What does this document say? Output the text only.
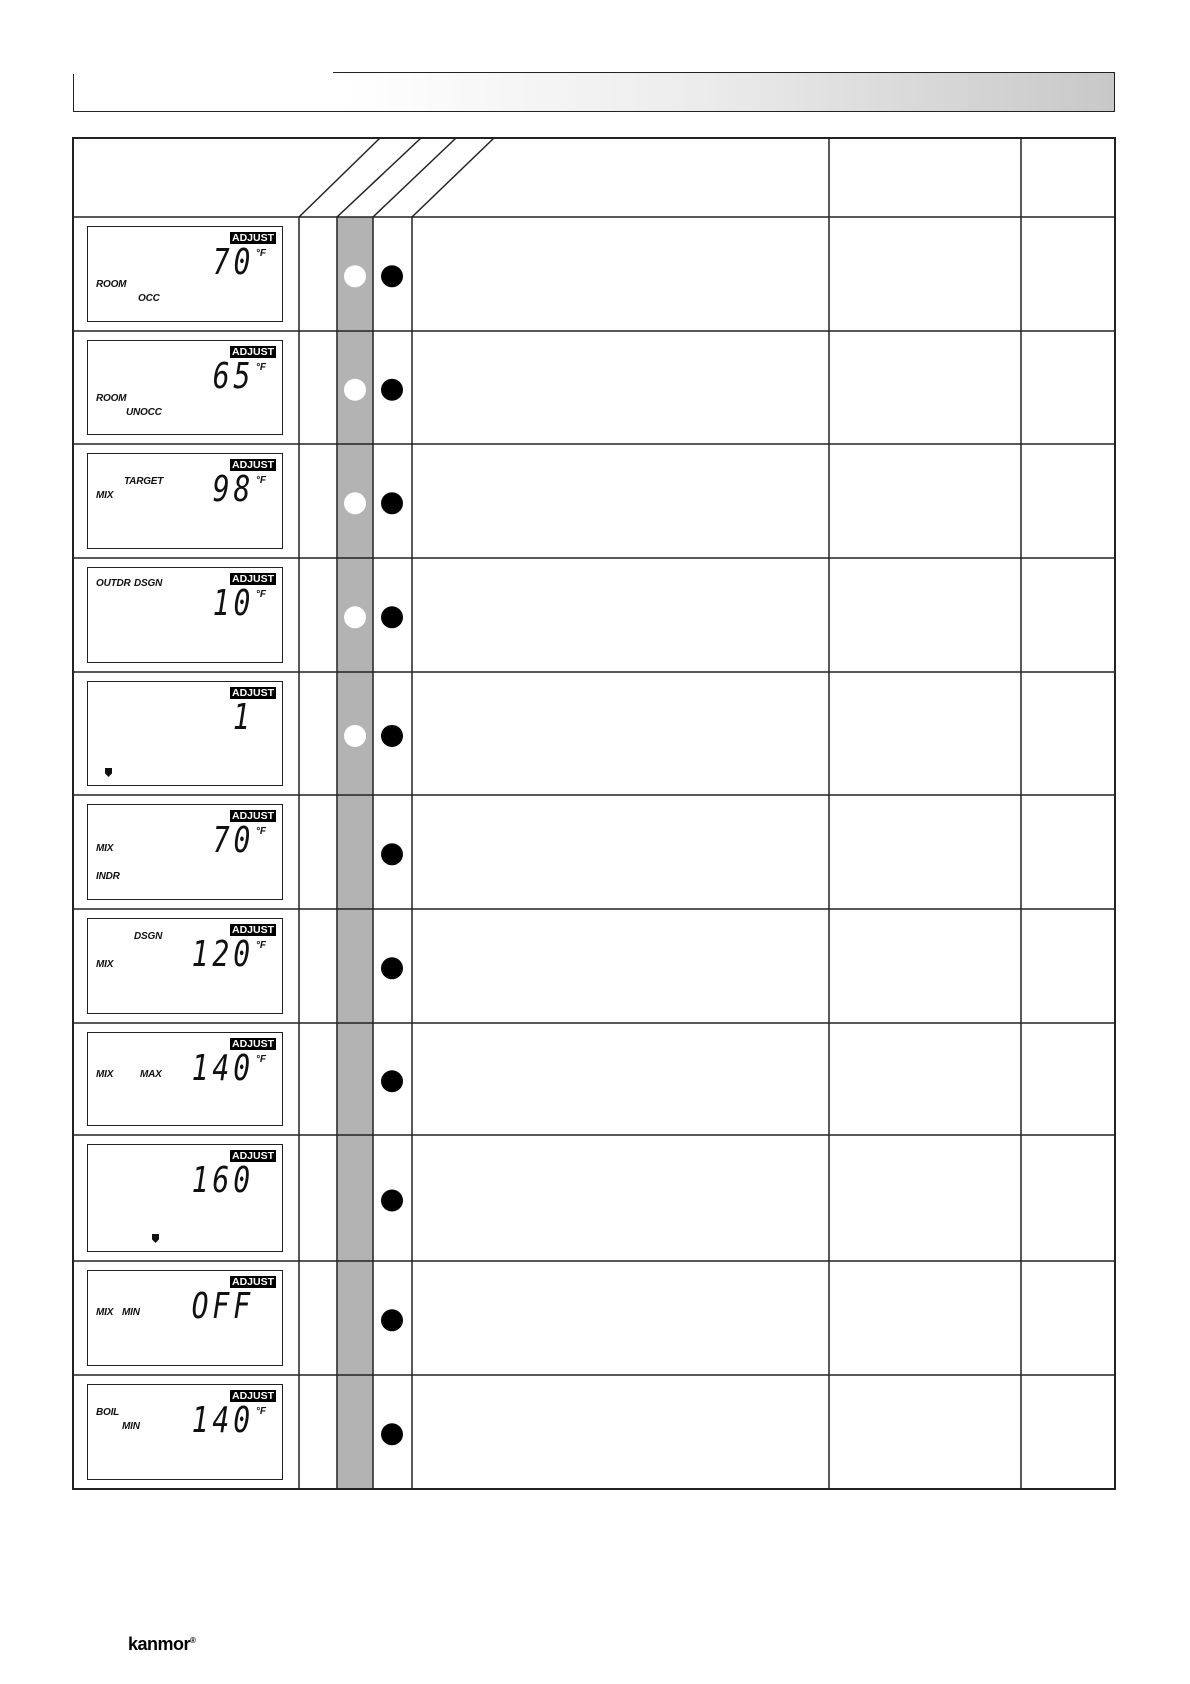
ADJUST
70 °F
ROOM
OCC
ADJUST
65 °F
ROOM
UNOCC
ADJUST
98 °F
TARGET
MIX
ADJUST
10 °F
OUTDR DSGN
ADJUST
1
ADJUST
70 °F
MIX
INDR
ADJUST
120 °F
DSGN
MIX
ADJUST
140 °F
MIX	MAX
ADJUST
160
ADJUST
OFF
MIX MIN
ADJUST
140 °F
BOIL
MIN
kanmor®
